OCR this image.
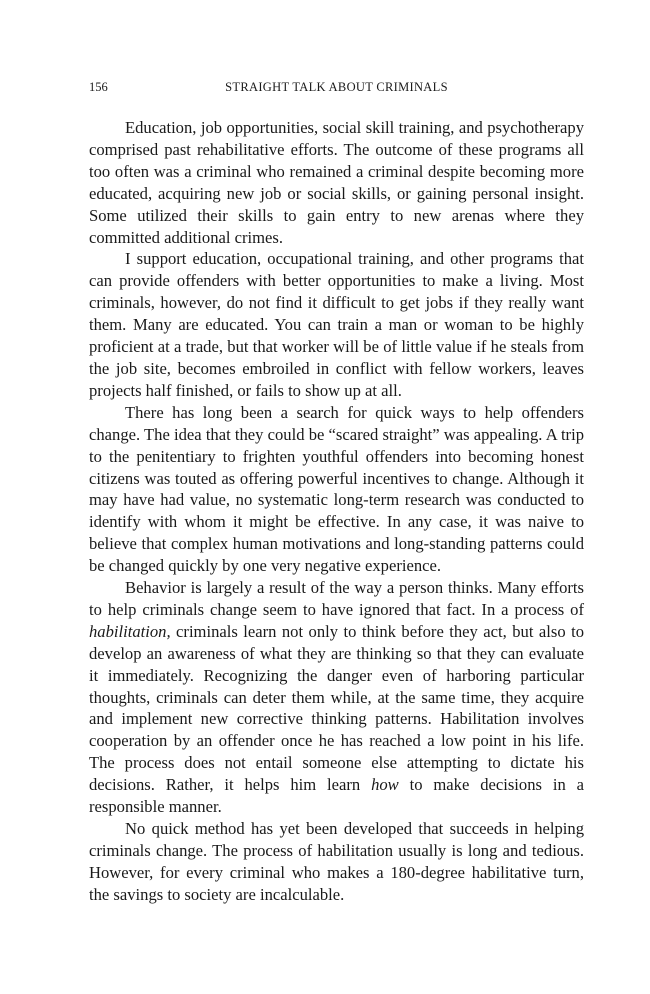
156	STRAIGHT TALK ABOUT CRIMINALS

Education, job opportunities, social skill training, and psychotherapy comprised past rehabilitative efforts. The outcome of these programs all too often was a criminal who remained a criminal despite becoming more educated, acquiring new job or social skills, or gaining personal insight. Some utilized their skills to gain entry to new arenas where they committed additional crimes.

I support education, occupational training, and other programs that can provide offenders with better opportunities to make a living. Most criminals, however, do not find it difficult to get jobs if they really want them. Many are educated. You can train a man or woman to be highly proficient at a trade, but that worker will be of little value if he steals from the job site, becomes embroiled in conflict with fellow workers, leaves projects half finished, or fails to show up at all.

There has long been a search for quick ways to help offenders change. The idea that they could be “scared straight” was appealing. A trip to the penitentiary to frighten youthful offenders into becoming honest citizens was touted as offering powerful incentives to change. Although it may have had value, no systematic long-term research was conducted to identify with whom it might be effective. In any case, it was naive to believe that complex human motivations and long-standing patterns could be changed quickly by one very negative experience.

Behavior is largely a result of the way a person thinks. Many efforts to help criminals change seem to have ignored that fact. In a process of habilitation, criminals learn not only to think before they act, but also to develop an awareness of what they are thinking so that they can evaluate it immediately. Recognizing the danger even of harboring particular thoughts, criminals can deter them while, at the same time, they acquire and implement new corrective thinking patterns. Habilitation involves cooperation by an offender once he has reached a low point in his life. The process does not entail someone else attempting to dictate his decisions. Rather, it helps him learn how to make decisions in a responsible manner.

No quick method has yet been developed that succeeds in helping criminals change. The process of habilitation usually is long and tedious. However, for every criminal who makes a 180-degree habilitative turn, the savings to society are incalculable.
